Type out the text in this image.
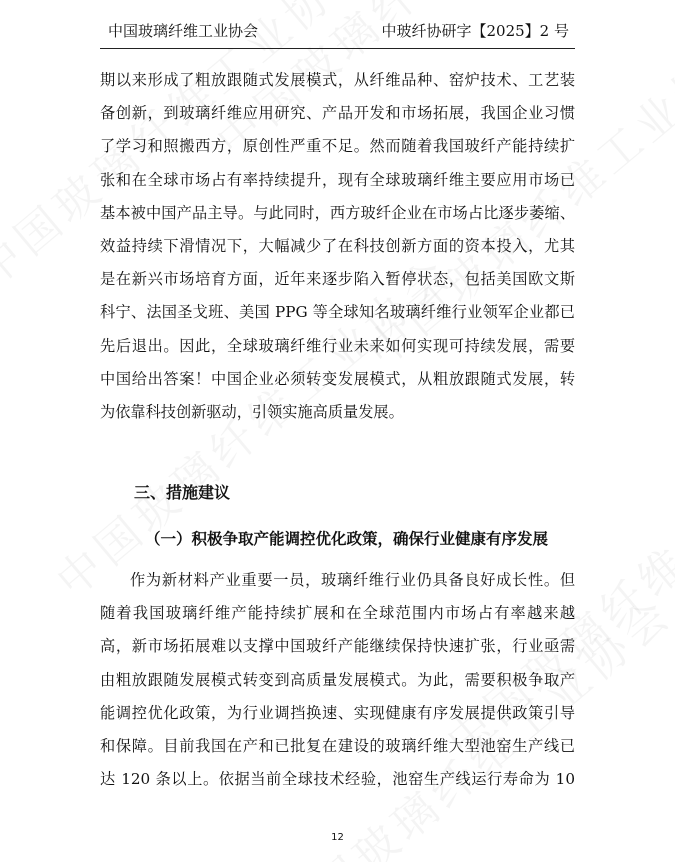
中国玻璃纤维工业协会	中玻纤协研字【2025】2 号
期以来形成了粗放跟随式发展模式，从纤维品种、窑炉技术、工艺装
备创新，到玻璃纤维应用研究、产品开发和市场拓展，我国企业习惯
了学习和照搬西方，原创性严重不足。然而随着我国玻纤产能持续扩
张和在全球市场占有率持续提升，现有全球玻璃纤维主要应用市场已
基本被中国产品主导。与此同时，西方玻纤企业在市场占比逐步萎缩、
效益持续下滑情况下，大幅减少了在科技创新方面的资本投入，尤其
是在新兴市场培育方面，近年来逐步陷入暂停状态，包括美国欧文斯
科宁、法国圣戈班、美国 PPG 等全球知名玻璃纤维行业领军企业都已
先后退出。因此，全球玻璃纤维行业未来如何实现可持续发展，需要
中国给出答案！中国企业必须转变发展模式，从粗放跟随式发展，转
为依靠科技创新驱动，引领实施高质量发展。
三、措施建议
（一）积极争取产能调控优化政策，确保行业健康有序发展
作为新材料产业重要一员，玻璃纤维行业仍具备良好成长性。但
随着我国玻璃纤维产能持续扩展和在全球范围内市场占有率越来越
高，新市场拓展难以支撑中国玻纤产能继续保持快速扩张，行业亟需
由粗放跟随发展模式转变到高质量发展模式。为此，需要积极争取产
能调控优化政策，为行业调挡换速、实现健康有序发展提供政策引导
和保障。目前我国在产和已批复在建设的玻璃纤维大型池窑生产线已
达 120 条以上。依据当前全球技术经验，池窑生产线运行寿命为 10
12
